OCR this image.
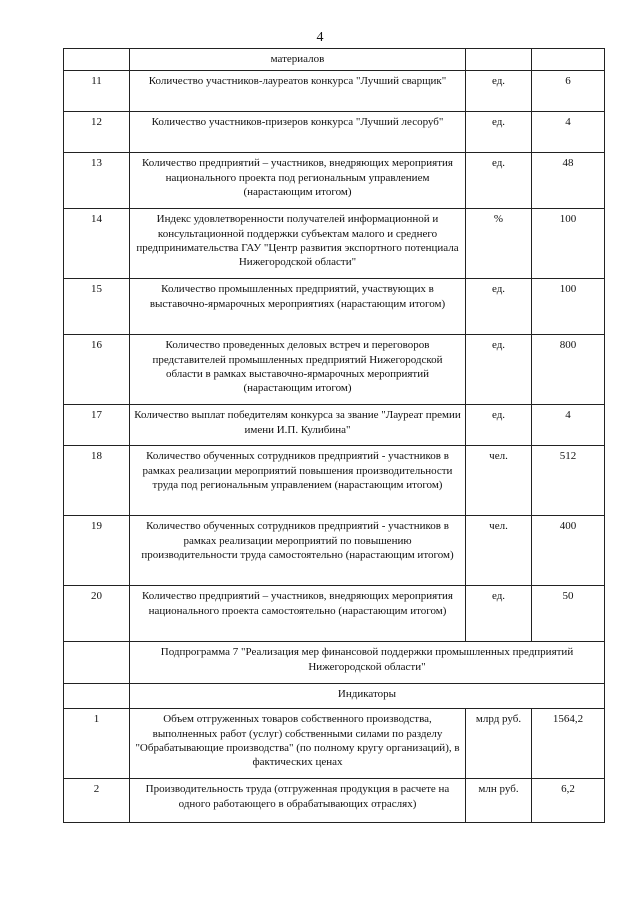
4
	материалов		
11	Количество участников-лауреатов конкурса "Лучший сварщик"	ед.	6
12	Количество участников-призеров конкурса "Лучший лесоруб"	ед.	4
13	Количество предприятий – участников, внедряющих мероприятия национального проекта под региональным управлением (нарастающим итогом)	ед.	48
14	Индекс удовлетворенности получателей информационной и консультационной поддержки субъектам малого и среднего предпринимательства ГАУ "Центр развития экспортного потенциала Нижегородской области"	%	100
15	Количество промышленных предприятий, участвующих в выставочно-ярмарочных мероприятиях (нарастающим итогом)	ед.	100
16	Количество проведенных деловых встреч и переговоров представителей промышленных предприятий Нижегородской области в рамках выставочно-ярмарочных мероприятий (нарастающим итогом)	ед.	800
17	Количество выплат победителям конкурса за звание "Лауреат премии имени И.П. Кулибина"	ед.	4
18	Количество обученных сотрудников предприятий - участников в рамках реализации мероприятий повышения производительности труда под региональным управлением (нарастающим итогом)	чел.	512
19	Количество обученных сотрудников предприятий - участников в рамках реализации мероприятий по повышению производительности труда самостоятельно (нарастающим итогом)	чел.	400
20	Количество предприятий – участников, внедряющих мероприятия национального проекта самостоятельно (нарастающим итогом)	ед.	50
	Подпрограмма 7 "Реализация мер финансовой поддержки промышленных предприятий Нижегородской области"		
	Индикаторы		
1	Объем отгруженных товаров собственного производства, выполненных работ (услуг) собственными силами по разделу "Обрабатывающие производства" (по полному кругу организаций), в фактических ценах	млрд руб.	1564,2
2	Производительность труда (отгруженная продукция в расчете на одного работающего в обрабатывающих отраслях)	млн руб.	6,2
